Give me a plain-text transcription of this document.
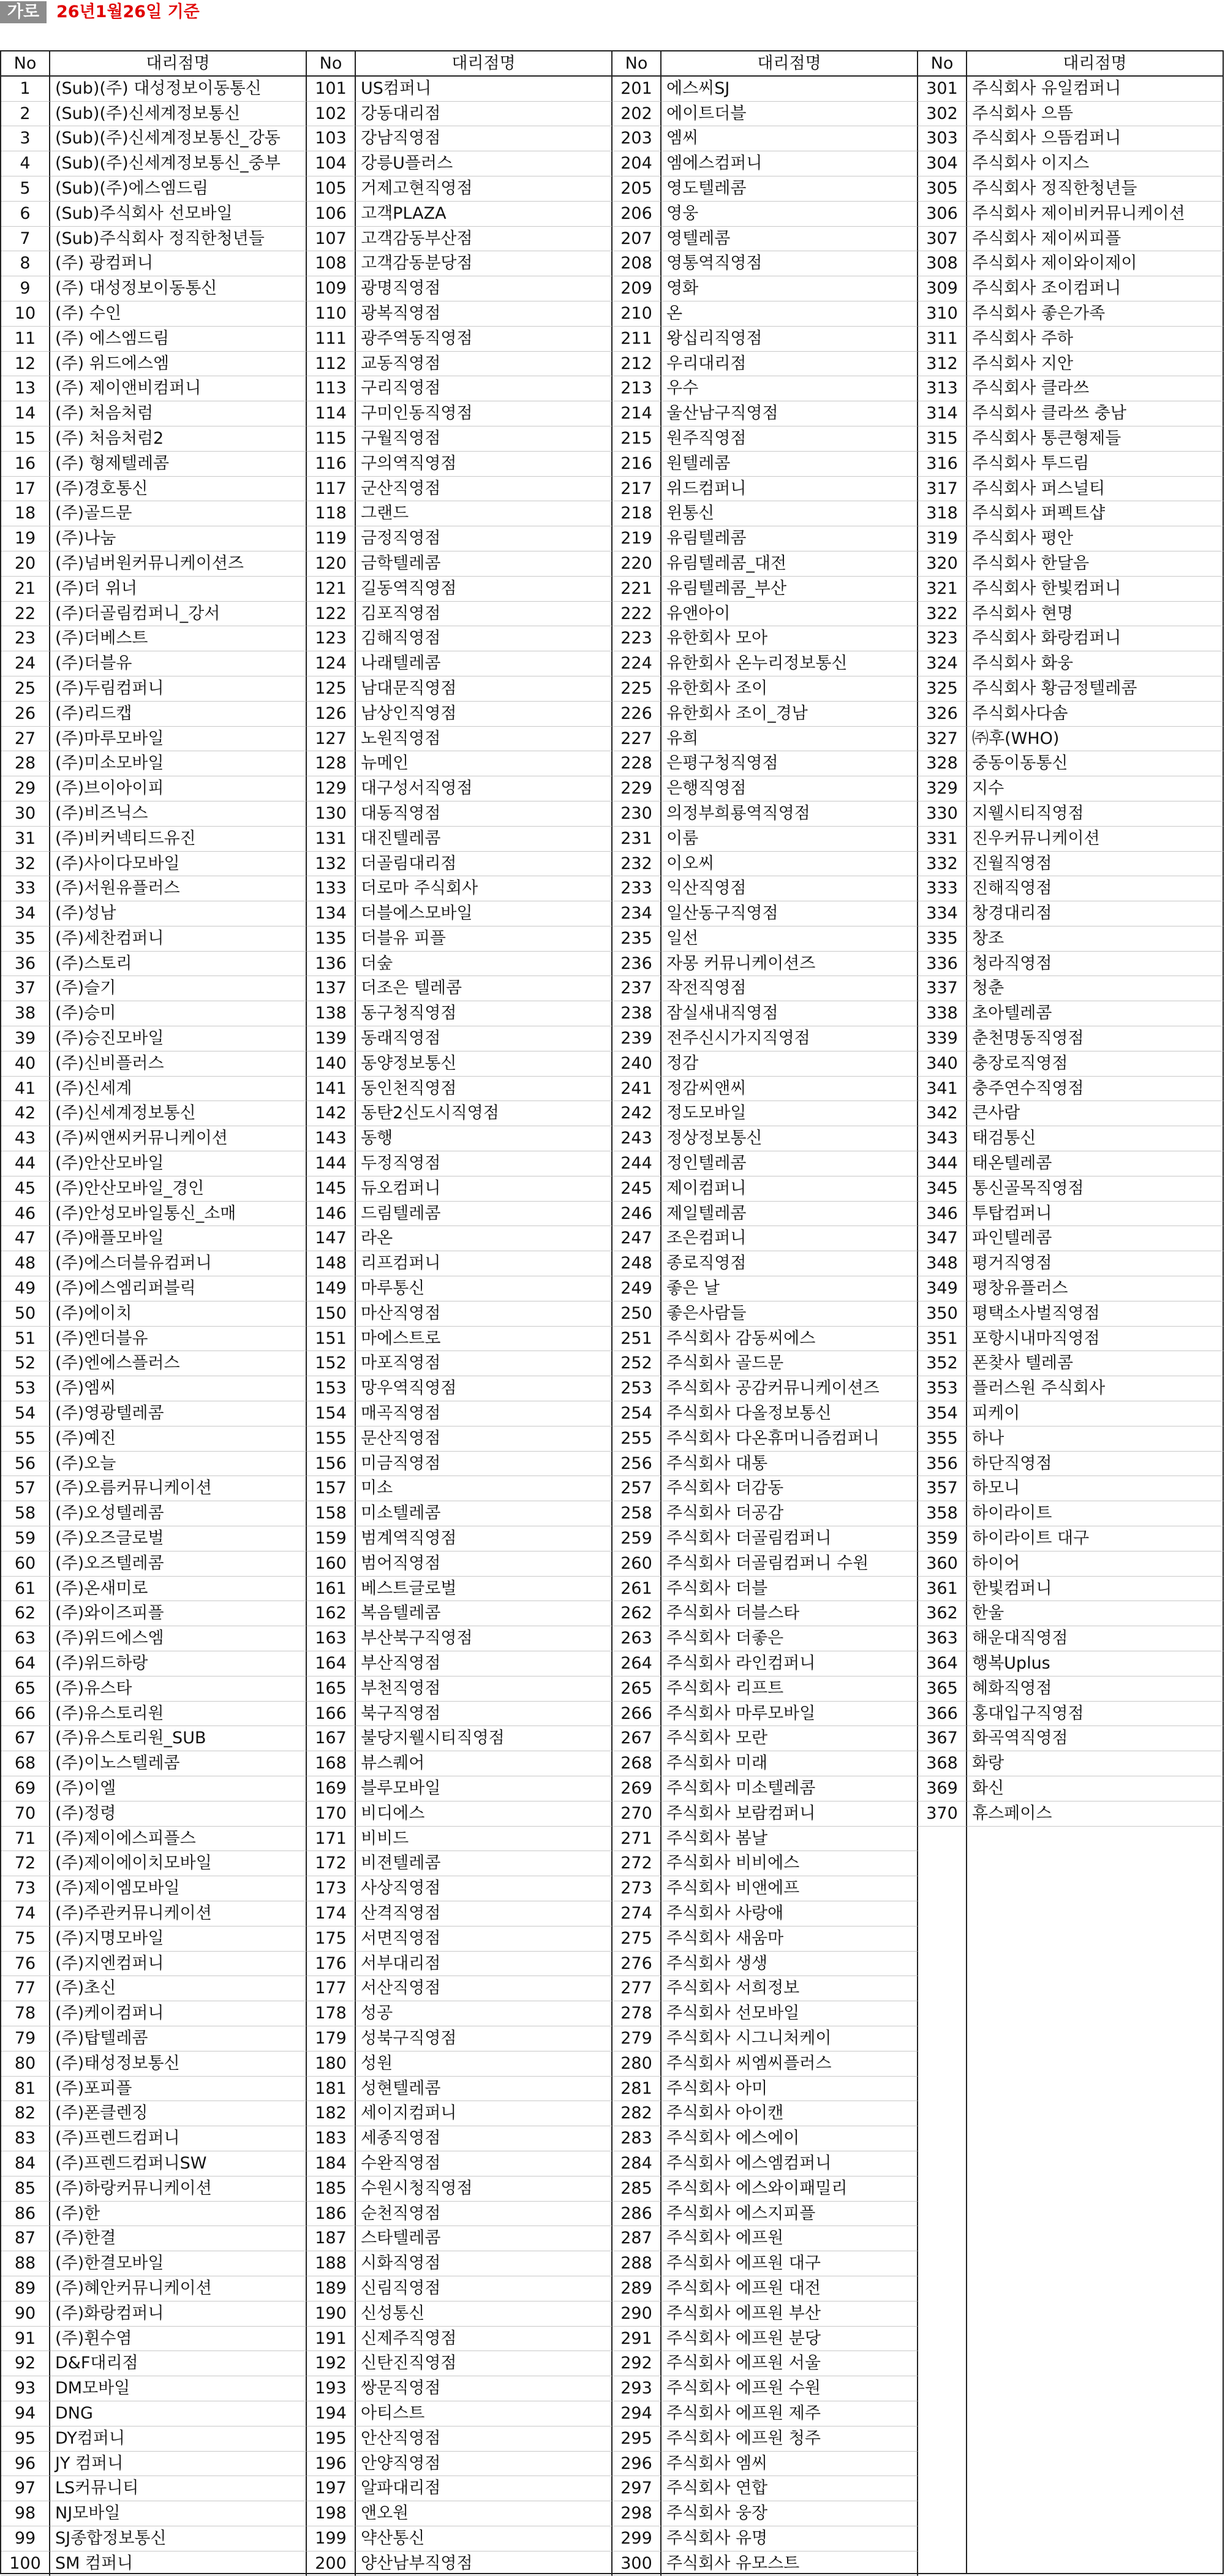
가로	26년1월26일 기준
No	대리점명
1	(Sub)(주) 대성정보이동통신
2	(Sub)(주)신세계정보통신
3	(Sub)(주)신세계정보통신_강동
4	(Sub)(주)신세계정보통신_중부
5	(Sub)(주)에스엠드림
6	(Sub)주식회사 선모바일
7	(Sub)주식회사 정직한청년들
8	(주) 광컴퍼니
9	(주) 대성정보이동통신
10	(주) 수인
11	(주) 에스엠드림
12	(주) 위드에스엠
13	(주) 제이앤비컴퍼니
14	(주) 처음처럼
15	(주) 처음처럼2
16	(주) 형제텔레콤
17	(주)경호통신
18	(주)골드문
19	(주)나눔
20	(주)넘버원커뮤니케이션즈
21	(주)더 위너
22	(주)더골림컴퍼니_강서
23	(주)더베스트
24	(주)더블유
25	(주)두림컴퍼니
26	(주)리드캡
27	(주)마루모바일
28	(주)미소모바일
29	(주)브이아이피
30	(주)비즈닉스
31	(주)비커넥티드유진
32	(주)사이다모바일
33	(주)서원유플러스
34	(주)성남
35	(주)세찬컴퍼니
36	(주)스토리
37	(주)슬기
38	(주)승미
39	(주)승진모바일
40	(주)신비플러스
41	(주)신세계
42	(주)신세계정보통신
43	(주)씨앤씨커뮤니케이션
44	(주)안산모바일
45	(주)안산모바일_경인
46	(주)안성모바일통신_소매
47	(주)애플모바일
48	(주)에스더블유컴퍼니
49	(주)에스엠리퍼블릭
50	(주)에이치
51	(주)엔더블유
52	(주)엔에스플러스
53	(주)엠씨
54	(주)영광텔레콤
55	(주)예진
56	(주)오늘
57	(주)오름커뮤니케이션
58	(주)오성텔레콤
59	(주)오즈글로벌
60	(주)오즈텔레콤
61	(주)온새미로
62	(주)와이즈피플
63	(주)위드에스엠
64	(주)위드하랑
65	(주)유스타
66	(주)유스토리원
67	(주)유스토리원_SUB
68	(주)이노스텔레콤
69	(주)이엘
70	(주)정령
71	(주)제이에스피플스
72	(주)제이에이치모바일
73	(주)제이엠모바일
74	(주)주관커뮤니케이션
75	(주)지명모바일
76	(주)지엔컴퍼니
77	(주)초신
78	(주)케이컴퍼니
79	(주)탑텔레콤
80	(주)태성정보통신
81	(주)포피플
82	(주)폰클렌징
83	(주)프렌드컴퍼니
84	(주)프렌드컴퍼니SW
85	(주)하랑커뮤니케이션
86	(주)한
87	(주)한결
88	(주)한결모바일
89	(주)혜안커뮤니케이션
90	(주)화랑컴퍼니
91	(주)휜수염
92	D&F대리점
93	DM모바일
94	DNG
95	DY컴퍼니
96	JY 컴퍼니
97	LS커뮤니티
98	NJ모바일
99	SJ종합정보통신
100 SM 컴퍼니
No	대리점명
101 US컴퍼니
102 강동대리점
103 강남직영점
104 강릉U플러스
105 거제고현직영점
106 고객PLAZA
107 고객감동부산점
108 고객감동분당점
109 광명직영점
110 광복직영점
111 광주역동직영점
112 교동직영점
113 구리직영점
114 구미인동직영점
115 구월직영점
116 구의역직영점
117 군산직영점
118 그랜드
119 금정직영점
120 금학텔레콤
121 길동역직영점
122 김포직영점
123 김해직영점
124 나래텔레콤
125 남대문직영점
126 남상인직영점
127 노원직영점
128 뉴메인
129 대구성서직영점
130 대동직영점
131 대진텔레콤
132 더골림대리점
133 더로마 주식회사
134 더블에스모바일
135 더블유 피플
136 더숲
137 더조은 텔레콤
138 동구청직영점
139 동래직영점
140 동양정보통신
141 동인천직영점
142 동탄2신도시직영점
143 동행
144 두정직영점
145 듀오컴퍼니
146 드림텔레콤
147 라온
148 리프컴퍼니
149 마루통신
150 마산직영점
151 마에스트로
152 마포직영점
153 망우역직영점
154 매곡직영점
155 문산직영점
156 미금직영점
157 미소
158 미소텔레콤
159 범계역직영점
160 범어직영점
161 베스트글로벌
162 복음텔레콤
163 부산북구직영점
164 부산직영점
165 부천직영점
166 북구직영점
167 불당지웰시티직영점
168 뷰스퀘어
169 블루모바일
170 비디에스
171 비비드
172 비젼텔레콤
173 사상직영점
174 산격직영점
175 서면직영점
176 서부대리점
177 서산직영점
178 성공
179 성북구직영점
180 성원
181 성현텔레콤
182 세이지컴퍼니
183 세종직영점
184 수완직영점
185 수원시청직영점
186 순천직영점
187 스타텔레콤
188 시화직영점
189 신림직영점
190 신성통신
191 신제주직영점
192 신탄진직영점
193 쌍문직영점
194 아티스트
195 안산직영점
196 안양직영점
197 알파대리점
198 앤오원
199 약산통신
200 양산남부직영점
No	대리점명
201 에스씨SJ
202 에이트더블
203 엠씨
204 엠에스컴퍼니
205 영도텔레콤
206 영웅
207 영텔레콤
208 영통역직영점
209 영화
210 온
211 왕십리직영점
212 우리대리점
213 우수
214 울산남구직영점
215 원주직영점
216 원텔레콤
217 위드컴퍼니
218 윈통신
219 유림텔레콤
220 유림텔레콤_대전
221 유림텔레콤_부산
222 유앤아이
223 유한회사 모아
224 유한회사 온누리정보통신
225 유한회사 조이
226 유한회사 조이_경남
227 유희
228 은평구청직영점
229 은행직영점
230 의정부희룡역직영점
231 이룸
232 이오씨
233 익산직영점
234 일산동구직영점
235 일선
236 자몽 커뮤니케이션즈
237 작전직영점
238 잠실새내직영점
239 전주신시가지직영점
240 정감
241 정감씨앤씨
242 정도모바일
243 정상정보통신
244 정인텔레콤
245 제이컴퍼니
246 제일텔레콤
247 조은컴퍼니
248 종로직영점
249 좋은 날
250 좋은사람들
251 주식회사 감동씨에스
252 주식회사 골드문
253 주식회사 공감커뮤니케이션즈
254 주식회사 다올정보통신
255 주식회사 다온휴머니즘컴퍼니
256 주식회사 대통
257 주식회사 더감동
258 주식회사 더공감
259 주식회사 더골림컴퍼니
260 주식회사 더골림컴퍼니 수원
261 주식회사 더블
262 주식회사 더블스타
263 주식회사 더좋은
264 주식회사 라인컴퍼니
265 주식회사 리프트
266 주식회사 마루모바일
267 주식회사 모란
268 주식회사 미래
269 주식회사 미소텔레콤
270 주식회사 보람컴퍼니
271 주식회사 봄날
272 주식회사 비비에스
273 주식회사 비앤에프
274 주식회사 사랑애
275 주식회사 새움마
276 주식회사 생생
277 주식회사 서희정보
278 주식회사 선모바일
279 주식회사 시그니처케이
280 주식회사 씨엠씨플러스
281 주식회사 아미
282 주식회사 아이캔
283 주식회사 에스에이
284 주식회사 에스엠컴퍼니
285 주식회사 에스와이패밀리
286 주식회사 에스지피플
287 주식회사 에프원
288 주식회사 에프원 대구
289 주식회사 에프원 대전
290 주식회사 에프원 부산
291 주식회사 에프원 분당
292 주식회사 에프원 서울
293 주식회사 에프원 수원
294 주식회사 에프원 제주
295 주식회사 에프원 청주
296 주식회사 엠씨
297 주식회사 연합
298 주식회사 웅장
299 주식회사 유명
300 주식회사 유모스트
No	대리점명
301 주식회사 유일컴퍼니
302 주식회사 으뜸
303 주식회사 으뜸컴퍼니
304 주식회사 이지스
305 주식회사 정직한청년들
306 주식회사 제이비커뮤니케이션
307 주식회사 제이씨피플
308 주식회사 제이와이제이
309 주식회사 조이컴퍼니
310 주식회사 좋은가족
311 주식회사 주하
312 주식회사 지안
313 주식회사 클라쓰
314 주식회사 클라쓰 충남
315 주식회사 통큰형제들
316 주식회사 투드림
317 주식회사 퍼스널티
318 주식회사 퍼펙트샵
319 주식회사 평안
320 주식회사 한달음
321 주식회사 한빛컴퍼니
322 주식회사 현명
323 주식회사 화랑컴퍼니
324 주식회사 화웅
325 주식회사 황금정텔레콤
326 주식회사다솜
327 ㈜후(WHO)
328 중동이동통신
329 지수
330 지웰시티직영점
331 진우커뮤니케이션
332 진월직영점
333 진해직영점
334 창경대리점
335 창조
336 청라직영점
337 청춘
338 초아텔레콤
339 춘천명동직영점
340 충장로직영점
341 충주연수직영점
342 큰사람
343 태검통신
344 태온텔레콤
345 통신골목직영점
346 투탑컴퍼니
347 파인텔레콤
348 평거직영점
349 평창유플러스
350 평택소사벌직영점
351 포항시내마직영점
352 폰찾사 텔레콤
353 플러스원 주식회사
354 피케이
355 하나
356 하단직영점
357 하모니
358 하이라이트
359 하이라이트 대구
360 하이어
361 한빛컴퍼니
362 한울
363 해운대직영점
364 행복Uplus
365 혜화직영점
366 홍대입구직영점
367 화곡역직영점
368 화랑
369 화신
370 휴스페이스
